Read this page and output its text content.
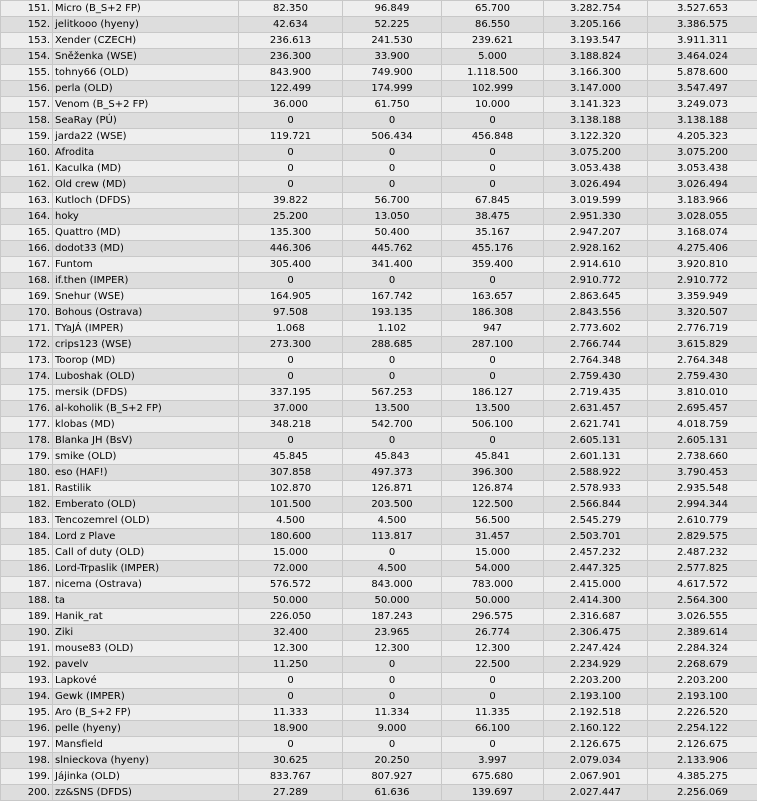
151.	Micro (B_S+2 FP)	82.350	96.849	65.700	3.282.754	3.527.653
152.	jelitkooo (hyeny)	42.634	52.225	86.550	3.205.166	3.386.575
153.	Xender (CZECH)	236.613	241.530	239.621	3.193.547	3.911.311
154.	Sněženka (WSE)	236.300	33.900	5.000	3.188.824	3.464.024
155.	tohny66 (OLD)	843.900	749.900	1.118.500	3.166.300	5.878.600
156.	perla (OLD)	122.499	174.999	102.999	3.147.000	3.547.497
157.	Venom (B_S+2 FP)	36.000	61.750	10.000	3.141.323	3.249.073
158.	SeaRay (PÚ)	0	0	0	3.138.188	3.138.188
159.	jarda22 (WSE)	119.721	506.434	456.848	3.122.320	4.205.323
160.	Afrodita	0	0	0	3.075.200	3.075.200
161.	Kaculka (MD)	0	0	0	3.053.438	3.053.438
162.	Old crew (MD)	0	0	0	3.026.494	3.026.494
163.	Kutloch (DFDS)	39.822	56.700	67.845	3.019.599	3.183.966
164.	hoky	25.200	13.050	38.475	2.951.330	3.028.055
165.	Quattro (MD)	135.300	50.400	35.167	2.947.207	3.168.074
166.	dodot33 (MD)	446.306	445.762	455.176	2.928.162	4.275.406
167.	Funtom	305.400	341.400	359.400	2.914.610	3.920.810
168.	if.then (IMPER)	0	0	0	2.910.772	2.910.772
169.	Snehur (WSE)	164.905	167.742	163.657	2.863.645	3.359.949
170.	Bohous (Ostrava)	97.508	193.135	186.308	2.843.556	3.320.507
171.	TYaJÁ (IMPER)	1.068	1.102	947	2.773.602	2.776.719
172.	crips123 (WSE)	273.300	288.685	287.100	2.766.744	3.615.829
173.	Toorop (MD)	0	0	0	2.764.348	2.764.348
174.	Luboshak (OLD)	0	0	0	2.759.430	2.759.430
175.	mersik (DFDS)	337.195	567.253	186.127	2.719.435	3.810.010
176.	al-koholik (B_S+2 FP)	37.000	13.500	13.500	2.631.457	2.695.457
177.	klobas (MD)	348.218	542.700	506.100	2.621.741	4.018.759
178.	Blanka JH (BsV)	0	0	0	2.605.131	2.605.131
179.	smike (OLD)	45.845	45.843	45.841	2.601.131	2.738.660
180.	eso (HAF!)	307.858	497.373	396.300	2.588.922	3.790.453
181.	Rastilik	102.870	126.871	126.874	2.578.933	2.935.548
182.	Emberato (OLD)	101.500	203.500	122.500	2.566.844	2.994.344
183.	Tencozemrel (OLD)	4.500	4.500	56.500	2.545.279	2.610.779
184.	Lord z Plave	180.600	113.817	31.457	2.503.701	2.829.575
185.	Call of duty (OLD)	15.000	0	15.000	2.457.232	2.487.232
186.	Lord-Trpaslik (IMPER)	72.000	4.500	54.000	2.447.325	2.577.825
187.	nicema (Ostrava)	576.572	843.000	783.000	2.415.000	4.617.572
188.	ta	50.000	50.000	50.000	2.414.300	2.564.300
189.	Hanik_rat	226.050	187.243	296.575	2.316.687	3.026.555
190.	Ziki	32.400	23.965	26.774	2.306.475	2.389.614
191.	mouse83 (OLD)	12.300	12.300	12.300	2.247.424	2.284.324
192.	pavelv	11.250	0	22.500	2.234.929	2.268.679
193.	Lapkové	0	0	0	2.203.200	2.203.200
194.	Gewk (IMPER)	0	0	0	2.193.100	2.193.100
195.	Aro (B_S+2 FP)	11.333	11.334	11.335	2.192.518	2.226.520
196.	pelle (hyeny)	18.900	9.000	66.100	2.160.122	2.254.122
197.	Mansfield	0	0	0	2.126.675	2.126.675
198.	slnieckova (hyeny)	30.625	20.250	3.997	2.079.034	2.133.906
199.	Jájinka (OLD)	833.767	807.927	675.680	2.067.901	4.385.275
200.	zz&SNS (DFDS)	27.289	61.636	139.697	2.027.447	2.256.069
